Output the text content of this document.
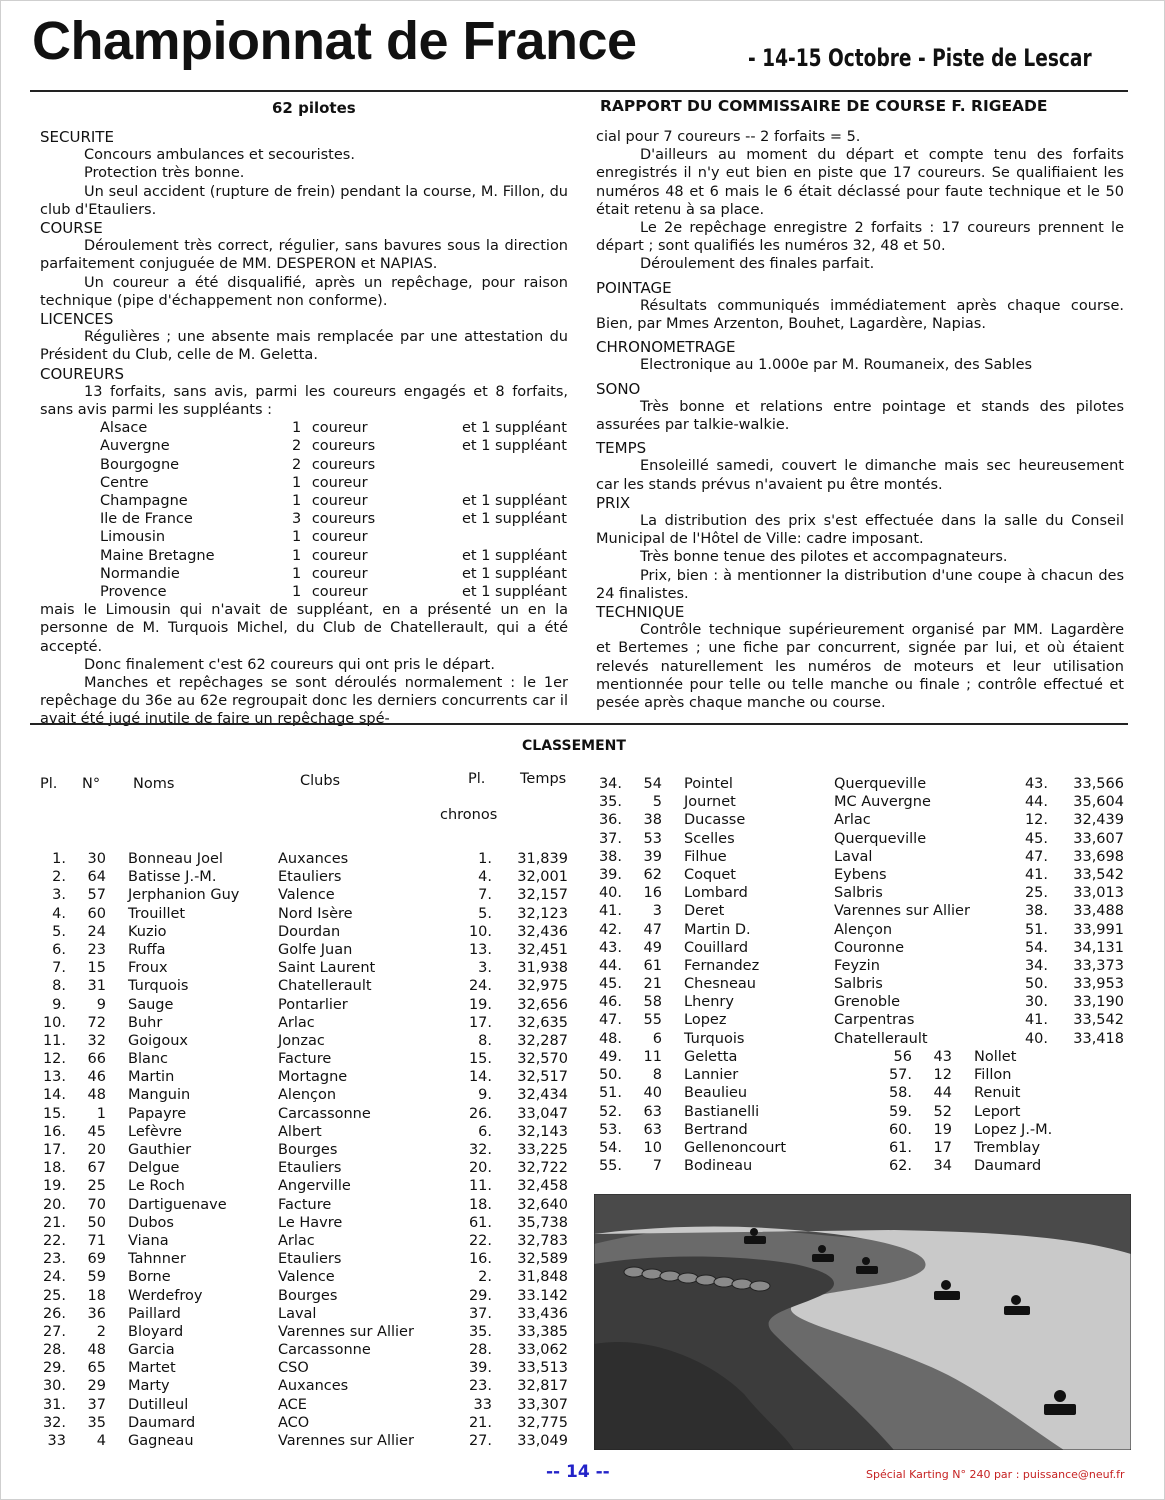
Championnat de France	- 14-15 Octobre - Piste de Lescar
62 pilotes	RAPPORT DU COMMISSAIRE DE COURSE F. RIGEADE

SECURITE

Concours ambulances et secouristes.

Protection très bonne.

Un seul accident (rupture de frein) pendant la course, M. Fillon, du club d'Etauliers.

COURSE

Déroulement très correct, régulier, sans bavures sous la direction parfaitement conjuguée de MM. DESPERON et NAPIAS.

Un coureur a été disqualifié, après un repêchage, pour raison technique (pipe d'échappement non conforme).

LICENCES

Régulières ; une absente mais remplacée par une attestation du Président du Club, celle de M. Geletta.

COUREURS

13 forfaits, sans avis, parmi les coureurs engagés et 8 forfaits, sans avis parmi les suppléants :

Alsace	1 coureur	et 1 suppléant
Auvergne	2 coureurs	et 1 suppléant
Bourgogne	2 coureurs
Centre	1 coureur
Champagne	1 coureur	et 1 suppléant
Ile de France	3 coureurs	et 1 suppléant
Limousin	1 coureur
Maine Bretagne	1 coureur	et 1 suppléant
Normandie	1 coureur	et 1 suppléant
Provence	1 coureur	et 1 suppléant

mais le Limousin qui n'avait de suppléant, en a présenté un en la personne de M. Turquois Michel, du Club de Chatellerault, qui a été accepté.

Donc finalement c'est 62 coureurs qui ont pris le départ.

Manches et repêchages se sont déroulés normalement : le 1er repêchage du 36e au 62e regroupait donc les derniers concurrents car il avait été jugé inutile de faire un repêchage spé-

cial pour 7 coureurs -- 2 forfaits = 5.

D'ailleurs au moment du départ et compte tenu des forfaits enregistrés il n'y eut bien en piste que 17 coureurs. Se qualifiaient les numéros 48 et 6 mais le 6 était déclassé pour faute technique et le 50 était retenu à sa place.

Le 2e repêchage enregistre 2 forfaits : 17 coureurs prennent le départ ; sont qualifiés les numéros 32, 48 et 50.

Déroulement des finales parfait.

POINTAGE

Résultats communiqués immédiatement après chaque course. Bien, par Mmes Arzenton, Bouhet, Lagardère, Napias.

CHRONOMETRAGE

Electronique au 1.000e par M. Roumaneix, des Sables

SONO

Très bonne et relations entre pointage et stands des pilotes assurées par talkie-walkie.

TEMPS

Ensoleillé samedi, couvert le dimanche mais sec heureusement car les stands prévus n'avaient pu être montés.

PRIX

La distribution des prix s'est effectuée dans la salle du Conseil Municipal de l'Hôtel de Ville: cadre imposant.

Très bonne tenue des pilotes et accompagnateurs.

Prix, bien : à mentionner la distribution d'une coupe à chacun des 24 finalistes.

TECHNIQUE

Contrôle technique supérieurement organisé par MM. Lagardère et Bertemes ; une fiche par concurrent, signée par lui, et où étaient relevés naturellement les numéros de moteurs et leur utilisation mentionnée pour telle ou telle manche ou finale ; contrôle effectué et pesée après chaque manche ou course.

CLASSEMENT
Pl. N° Noms	Clubs	Pl.
chronos
Temps
1.	30 Bonneau Joel	Auxances	1.	31,839
2.	64 Batisse J.-M.	Etauliers	4.	32,001
3.	57 Jerphanion Guy	Valence	7.	32,157
4.	60 Trouillet	Nord Isère	5.	32,123
5.	24 Kuzio	Dourdan	10.	32,436
6.	23 Ruffa	Golfe Juan	13.	32,451
7.	15 Froux	Saint Laurent	3.	31,938
8.	31 Turquois	Chatellerault	24.	32,975
9.	9 Sauge	Pontarlier	19.	32,656
10.	72 Buhr	Arlac	17.	32,635
11.	32 Goigoux	Jonzac	8.	32,287
12.	66 Blanc	Facture	15.	32,570
13.	46 Martin	Mortagne	14.	32,517
14.	48 Manguin	Alençon	9.	32,434
15.	1 Papayre	Carcassonne	26.	33,047
16.	45 Lefèvre	Albert	6.	32,143
17.	20 Gauthier	Bourges	32.	33,225
18.	67 Delgue	Etauliers	20.	32,722
19.	25 Le Roch	Angerville	11.	32,458
20.	70 Dartiguenave	Facture	18.	32,640
21.	50 Dubos	Le Havre	61.	35,738
22.	71 Viana	Arlac	22.	32,783
23.	69 Tahnner	Etauliers	16.	32,589
24.	59 Borne	Valence	2.	31,848
25.	18 Werdefroy	Bourges	29.	33.142
26.	36 Paillard	Laval	37.	33,436
27.	2 Bloyard	Varennes sur Allier	35.	33,385
28.	48 Garcia	Carcassonne	28.	33,062
29.	65 Martet	CSO	39.	33,513
30.	29 Marty	Auxances	23.	32,817
31.	37 Dutilleul	ACE	33	33,307
32.	35 Daumard	ACO	21.	32,775
33	4 Gagneau	Varennes sur Allier	27.	33,049
34.	54 Pointel	Querqueville	43.	33,566
35.	5 Journet	MC Auvergne	44.	35,604
36.	38 Ducasse	Arlac	12.	32,439
37.	53 Scelles	Querqueville	45.	33,607
38.	39 Filhue	Laval	47.	33,698
39.	62 Coquet	Eybens	41.	33,542
40.	16 Lombard	Salbris	25.	33,013
41.	3 Deret	Varennes sur Allier	38.	33,488
42.	47 Martin D.	Alençon	51.	33,991
43.	49 Couillard	Couronne	54.	34,131
44.	61 Fernandez	Feyzin	34.	33,373
45.	21 Chesneau	Salbris	50.	33,953
46.	58 Lhenry	Grenoble	30.	33,190
47.	55 Lopez	Carpentras	41.	33,542
48.	6 Turquois	Chatellerault	40.	33,418
49.	11 Geletta	56	43 Nollet
50.	8 Lannier	57.	12 Fillon
51.	40 Beaulieu	58.	44 Renuit
52.	63 Bastianelli	59.	52 Leport
53.	63 Bertrand	60.	19 Lopez J.-M.
54.	10 Gellenoncourt	61.	17 Tremblay
55.	7 Bodineau	62.	34 Daumard
-- 14 --	Spécial Karting N° 240 par : puissance@neuf.fr
